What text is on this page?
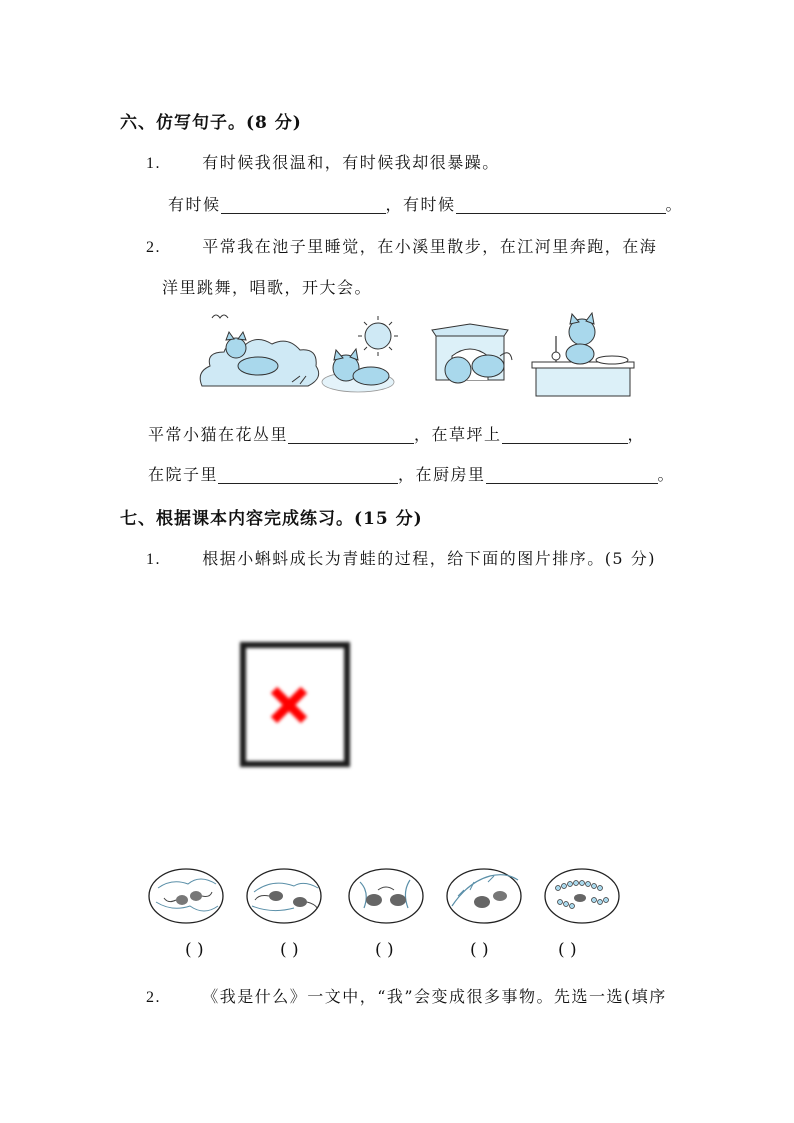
六、仿写句子。(8 分)
1.	有时候我很温和，有时候我却很暴躁。
有时候	，有时候	。
2.	平常我在池子里睡觉，在小溪里散步，在江河里奔跑，在海
洋里跳舞，唱歌，开大会。
平常小猫在花丛里	，在草坪上	，
在院子里	，在厨房里	。
七、根据课本内容完成练习。(15 分)
1.	根据小蝌蚪成长为青蛙的过程，给下面的图片排序。(5 分)
( )	( )	( )	( )	( )
2.	《我是什么》一文中，“我”会变成很多事物。先选一选(填序
